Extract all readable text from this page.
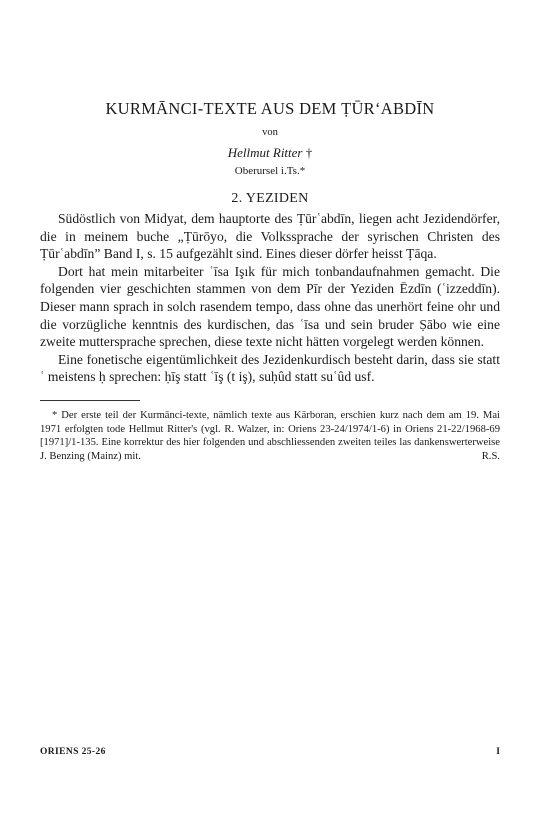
KURMĀNCI-TEXTE AUS DEM ṬŪR‘ABDĪN
von
Hellmut Ritter †
Oberursel i.Ts.*
2. YEZIDEN

Südöstlich von Midyat, dem hauptorte des Ṭūrʿabdīn, liegen acht Jezidendörfer, die in meinem buche „Ṭūrōyo, die Volkssprache der syrischen Christen des Ṭūrʿabdīn” Band I, s. 15 aufgezählt sind. Eines dieser dörfer heisst Ṭāqa.

Dort hat mein mitarbeiter ʿīsa Işık für mich tonbandaufnahmen gemacht. Die folgenden vier geschichten stammen von dem Pīr der Yeziden Ēzdīn (ʿizzeddīn). Dieser mann sprach in solch rasendem tempo, dass ohne das unerhört feine ohr und die vorzügliche kenntnis des kurdischen, das ʿīsa und sein bruder Ṣābo wie eine zweite muttersprache sprechen, diese texte nicht hätten vorgelegt werden können.

Eine fonetische eigentümlichkeit des Jezidenkurdisch besteht darin, dass sie statt ʿ meistens ḥ sprechen: ḥīş statt ʿīş (t iş), suḥûd statt suʿûd usf.

* Der erste teil der Kurmānci-texte, nämlich texte aus Kärboran, erschien kurz nach dem am 19. Mai 1971 erfolgten tode Hellmut Ritter's (vgl. R. Walzer, in: Oriens 23-24/1974/1-6) in Oriens 21-22/1968-69 [1971]/1-135. Eine korrektur des hier folgenden und abschliessenden zweiten teiles las dankenswerterweise J. Benzing (Mainz) mit.	R.S.

ORIENS 25-26	I
